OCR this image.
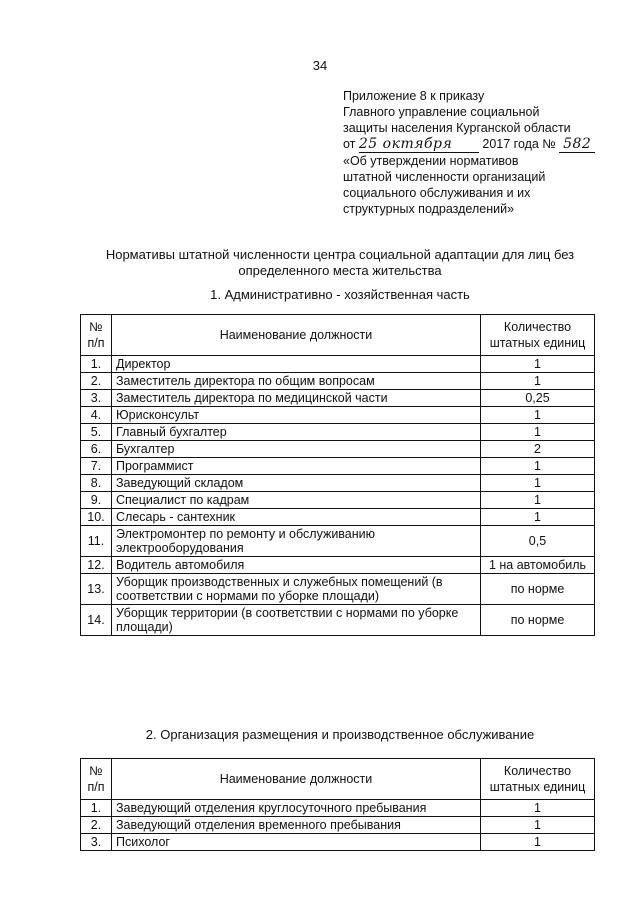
34
Приложение 8 к приказу
Главного управление социальной
защиты населения Курганской области
от 25 октября 2017 года № 582
«Об утверждении нормативов
штатной численности организаций
социального обслуживания и их
структурных подразделений»
Нормативы штатной численности центра социальной адаптации для лиц без
определенного места жительства
1. Административно - хозяйственная часть
№ п/п	Наименование должности	Количество штатных единиц
1.	Директор	1
2.	Заместитель директора по общим вопросам	1
3.	Заместитель директора по медицинской части	0,25
4.	Юрисконсульт	1
5.	Главный бухгалтер	1
6.	Бухгалтер	2
7.	Программист	1
8.	Заведующий складом	1
9.	Специалист по кадрам	1
10.	Слесарь - сантехник	1
11.	Электромонтер по ремонту и обслуживанию электрооборудования	0,5
12.	Водитель автомобиля	1 на автомобиль
13.	Уборщик производственных и служебных помещений (в соответствии с нормами по уборке площади)	по норме
14.	Уборщик территории (в соответствии с нормами по уборке площади)	по норме
2. Организация размещения и производственное обслуживание
№ п/п	Наименование должности	Количество штатных единиц
1.	Заведующий отделения круглосуточного пребывания	1
2.	Заведующий отделения временного пребывания	1
3.	Психолог	1
